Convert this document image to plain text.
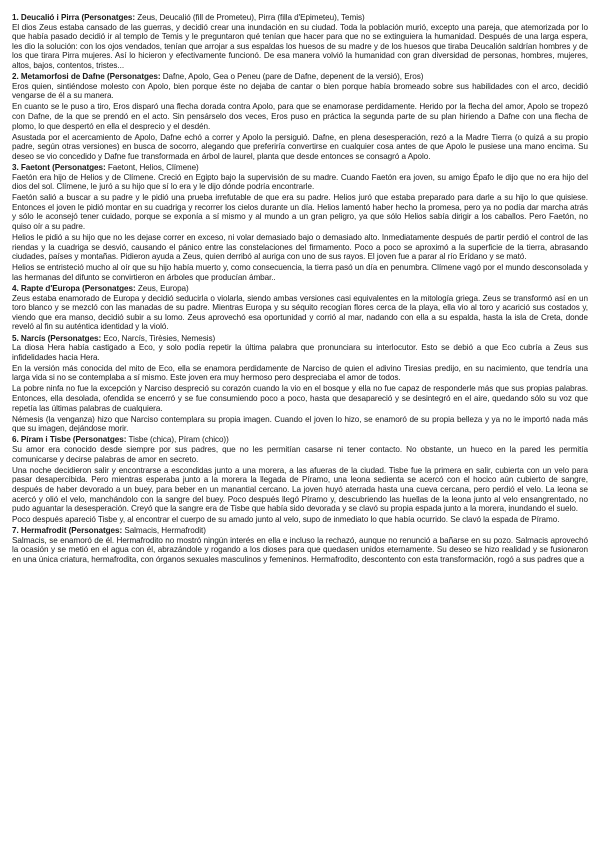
1. Deucalió i Pirra (Personatges: Zeus, Deucalió (fill de Prometeu), Pirra (filla d'Epimeteu), Temis)

El dios Zeus estaba cansado de las guerras, y decidió crear una inundación en su ciudad. Toda la población murió, excepto una pareja, que atemorizada por lo que había pasado decidió ir al templo de Temis y le preguntaron qué tenían que hacer para que no se extinguiera la humanidad. Después de una larga espera, les dio la solución: con los ojos vendados, tenían que arrojar a sus espaldas los huesos de su madre y de los huesos que tiraba Deucalión saldrían hombres y de los que tirara Pirra mujeres. Así lo hicieron y efectivamente funcionó. De esa manera volvió la humanidad con gran diversidad de personas, hombres, mujeres, altos, bajos, contentos, tristes...

2. Metamorfosi de Dafne (Personatges: Dafne, Apolo, Gea o Peneu (pare de Dafne, depenent de la versió), Eros)

Eros quien, sintiéndose molesto con Apolo, bien porque éste no dejaba de cantar o bien porque había bromeado sobre sus habilidades con el arco, decidió vengarse de él a su manera.

En cuanto se le puso a tiro, Eros disparó una flecha dorada contra Apolo, para que se enamorase perdidamente. Herido por la flecha del amor, Apolo se tropezó con Dafne, de la que se prendó en el acto. Sin pensárselo dos veces, Eros puso en práctica la segunda parte de su plan hiriendo a Dafne con una flecha de plomo, lo que despertó en ella el desprecio y el desdén.

Asustada por el acercamiento de Apolo, Dafne echó a correr y Apolo la persiguió. Dafne, en plena desesperación, rezó a la Madre Tierra (o quizá a su propio padre, según otras versiones) en busca de socorro, alegando que preferiría convertirse en cualquier cosa antes de que Apolo le pusiese una mano encima. Su deseo se vio concedido y Dafne fue transformada en árbol de laurel, planta que desde entonces se consagró a Apolo.

3. Faetont (Personatges: Faetont, Helios, Clímene)

Faetón era hijo de Helios y de Clímene. Creció en Egipto bajo la supervisión de su madre. Cuando Faetón era joven, su amigo Épafo le dijo que no era hijo del dios del sol. Clímene, le juró a su hijo que sí lo era y le dijo dónde podría encontrarle.

Faetón salió a buscar a su padre y le pidió una prueba irrefutable de que era su padre. Helios juró que estaba preparado para darle a su hijo lo que quisiese. Entonces el joven le pidió montar en su cuadriga y recorrer los cielos durante un día. Helios lamentó haber hecho la promesa, pero ya no podía dar marcha atrás y sólo le aconsejó tener cuidado, porque se exponía a sí mismo y al mundo a un gran peligro, ya que sólo Helios sabía dirigir a los caballos. Pero Faetón, no quiso oír a su padre.

Helios le pidió a su hijo que no les dejase correr en exceso, ni volar demasiado bajo o demasiado alto. Inmediatamente después de partir perdió el control de las riendas y la cuadriga se desvió, causando el pánico entre las constelaciones del firmamento. Poco a poco se aproximó a la superficie de la tierra, abrasando ciudades, países y montañas. Pidieron ayuda a Zeus, quien derribó al auriga con uno de sus rayos. El joven fue a parar al río Erídano y se mató.

Helios se entristeció mucho al oír que su hijo había muerto y, como consecuencia, la tierra pasó un día en penumbra. Clímene vagó por el mundo desconsolada y las hermanas del difunto se convirtieron en árboles que producían ámbar..

4. Rapte d'Europa (Personatges: Zeus, Europa)

Zeus estaba enamorado de Europa y decidió seducirla o violarla, siendo ambas versiones casi equivalentes en la mitología griega. Zeus se transformó así en un toro blanco y se mezcló con las manadas de su padre. Mientras Europa y su séquito recogían flores cerca de la playa, ella vio al toro y acarició sus costados y, viendo que era manso, decidió subir a su lomo. Zeus aprovechó esa oportunidad y corrió al mar, nadando con ella a su espalda, hasta la isla de Creta, donde reveló al fin su auténtica identidad y la violó.

5. Narcís (Personatges: Eco, Narcís, Tirèsies, Nemesis)

La diosa Hera había castigado a Eco, y solo podía repetir la última palabra que pronunciara su interlocutor. Esto se debió a que Eco cubría a Zeus sus infidelidades hacia Hera.

En la versión más conocida del mito de Eco, ella se enamora perdidamente de Narciso de quien el adivino Tiresias predijo, en su nacimiento, que tendría una larga vida si no se contemplaba a sí mismo. Este joven era muy hermoso pero despreciaba el amor de todos.

La pobre ninfa no fue la excepción y Narciso despreció su corazón cuando la vio en el bosque y ella no fue capaz de responderle más que sus propias palabras. Entonces, ella desolada, ofendida se encerró y se fue consumiendo poco a poco, hasta que desapareció y se desintegró en el aire, quedando sólo su voz que repetía las últimas palabras de cualquiera.

Némesis (la venganza) hizo que Narciso contemplara su propia imagen. Cuando el joven lo hizo, se enamoró de su propia belleza y ya no le importó nada más que su imagen, dejándose morir.

6. Píram i Tisbe (Personatges: Tisbe (chica), Píram (chico))

Su amor era conocido desde siempre por sus padres, que no les permitían casarse ni tener contacto. No obstante, un hueco en la pared les permitía comunicarse y decirse palabras de amor en secreto.

Una noche decidieron salir y encontrarse a escondidas junto a una morera, a las afueras de la ciudad. Tisbe fue la primera en salir, cubierta con un velo para pasar desapercibida. Pero mientras esperaba junto a la morera la llegada de Píramo, una leona sedienta se acercó con el hocico aún cubierto de sangre, después de haber devorado a un buey, para beber en un manantial cercano. La joven huyó aterrada hasta una cueva cercana, pero perdió el velo. La leona se acercó y olió el velo, manchándolo con la sangre del buey. Poco después llegó Píramo y, descubriendo las huellas de la leona junto al velo ensangrentado, no pudo aguantar la desesperación. Creyó que la sangre era de Tisbe que había sido devorada y se clavó su propia espada junto a la morera, inundando el suelo.

Poco después apareció Tisbe y, al encontrar el cuerpo de su amado junto al velo, supo de inmediato lo que había ocurrido. Se clavó la espada de Píramo.

7. Hermafrodit (Personatges: Salmacis, Hermafrodit)

Salmacis, se enamoró de él. Hermafrodito no mostró ningún interés en ella e incluso la rechazó, aunque no renunció a bañarse en su pozo. Salmacis aprovechó la ocasión y se metió en el agua con él, abrazándole y rogando a los dioses para que quedasen unidos eternamente. Su deseo se hizo realidad y se fusionaron en una única criatura, hermafrodita, con órganos sexuales masculinos y femeninos. Hermafrodito, descontento con esta transformación, rogó a sus padres que a
